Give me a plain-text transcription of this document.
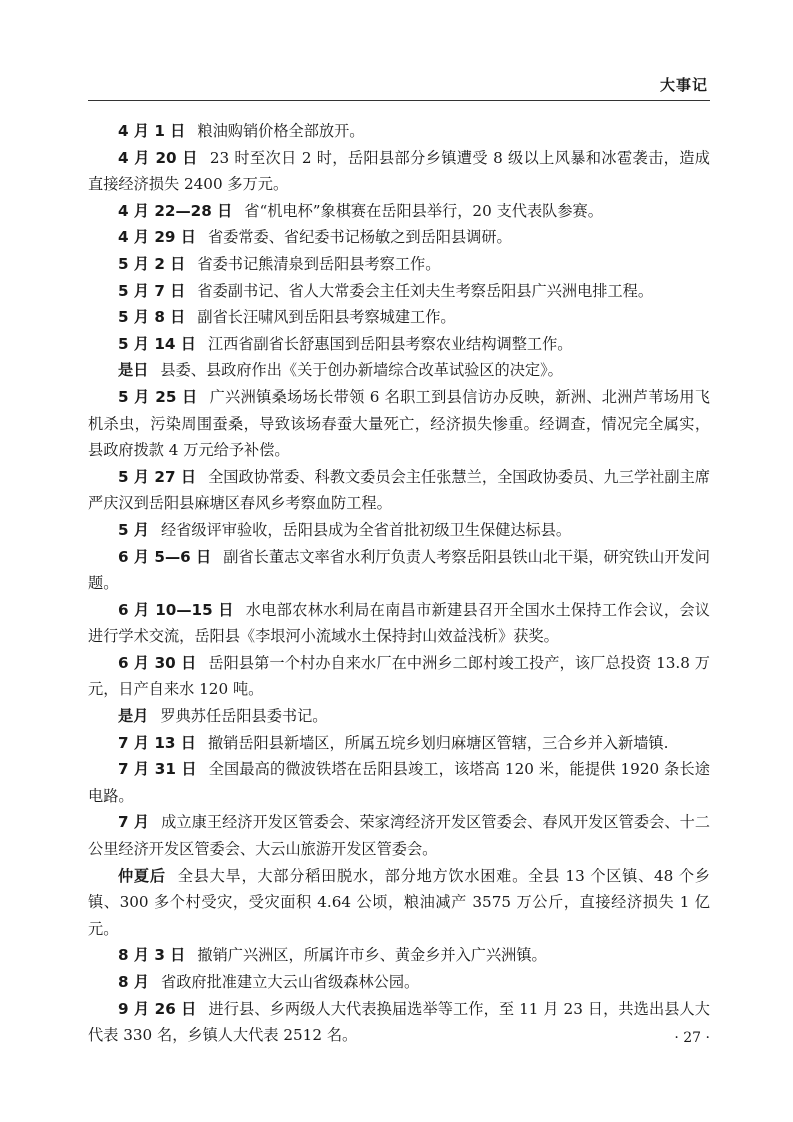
大事记

4 月 1 日 粮油购销价格全部放开。

4 月 20 日 23 时至次日 2 时，岳阳县部分乡镇遭受 8 级以上风暴和冰雹袭击，造成直接经济损失 2400 多万元。

4 月 22—28 日 省“机电杯”象棋赛在岳阳县举行，20 支代表队参赛。

4 月 29 日 省委常委、省纪委书记杨敏之到岳阳县调研。

5 月 2 日 省委书记熊清泉到岳阳县考察工作。

5 月 7 日 省委副书记、省人大常委会主任刘夫生考察岳阳县广兴洲电排工程。

5 月 8 日 副省长汪啸风到岳阳县考察城建工作。

5 月 14 日 江西省副省长舒惠国到岳阳县考察农业结构调整工作。

是日 县委、县政府作出《关于创办新墙综合改革试验区的决定》。

5 月 25 日 广兴洲镇桑场场长带领 6 名职工到县信访办反映，新洲、北洲芦苇场用飞机杀虫，污染周围蚕桑，导致该场春蚕大量死亡，经济损失惨重。经调查，情况完全属实，县政府拨款 4 万元给予补偿。

5 月 27 日 全国政协常委、科教文委员会主任张慧兰，全国政协委员、九三学社副主席严庆汉到岳阳县麻塘区春风乡考察血防工程。

5 月 经省级评审验收，岳阳县成为全省首批初级卫生保健达标县。

6 月 5—6 日 副省长董志文率省水利厅负责人考察岳阳县铁山北干渠，研究铁山开发问题。

6 月 10—15 日 水电部农林水利局在南昌市新建县召开全国水土保持工作会议，会议进行学术交流，岳阳县《李垠河小流域水土保持封山效益浅析》获奖。

6 月 30 日 岳阳县第一个村办自来水厂在中洲乡二郎村竣工投产，该厂总投资 13.8 万元，日产自来水 120 吨。

是月 罗典苏任岳阳县委书记。

7 月 13 日 撤销岳阳县新墙区，所属五垸乡划归麻塘区管辖，三合乡并入新墙镇.

7 月 31 日 全国最高的微波铁塔在岳阳县竣工，该塔高 120 米，能提供 1920 条长途电路。

7 月 成立康王经济开发区管委会、荣家湾经济开发区管委会、春风开发区管委会、十二公里经济开发区管委会、大云山旅游开发区管委会。

仲夏后 全县大旱，大部分稻田脱水，部分地方饮水困难。全县 13 个区镇、48 个乡镇、300 多个村受灾，受灾面积 4.64 公顷，粮油减产 3575 万公斤，直接经济损失 1 亿元。

8 月 3 日 撤销广兴洲区，所属许市乡、黄金乡并入广兴洲镇。

8 月 省政府批准建立大云山省级森林公园。

9 月 26 日 进行县、乡两级人大代表换届选举等工作，至 11 月 23 日，共选出县人大代表 330 名，乡镇人大代表 2512 名。	· 27 ·
